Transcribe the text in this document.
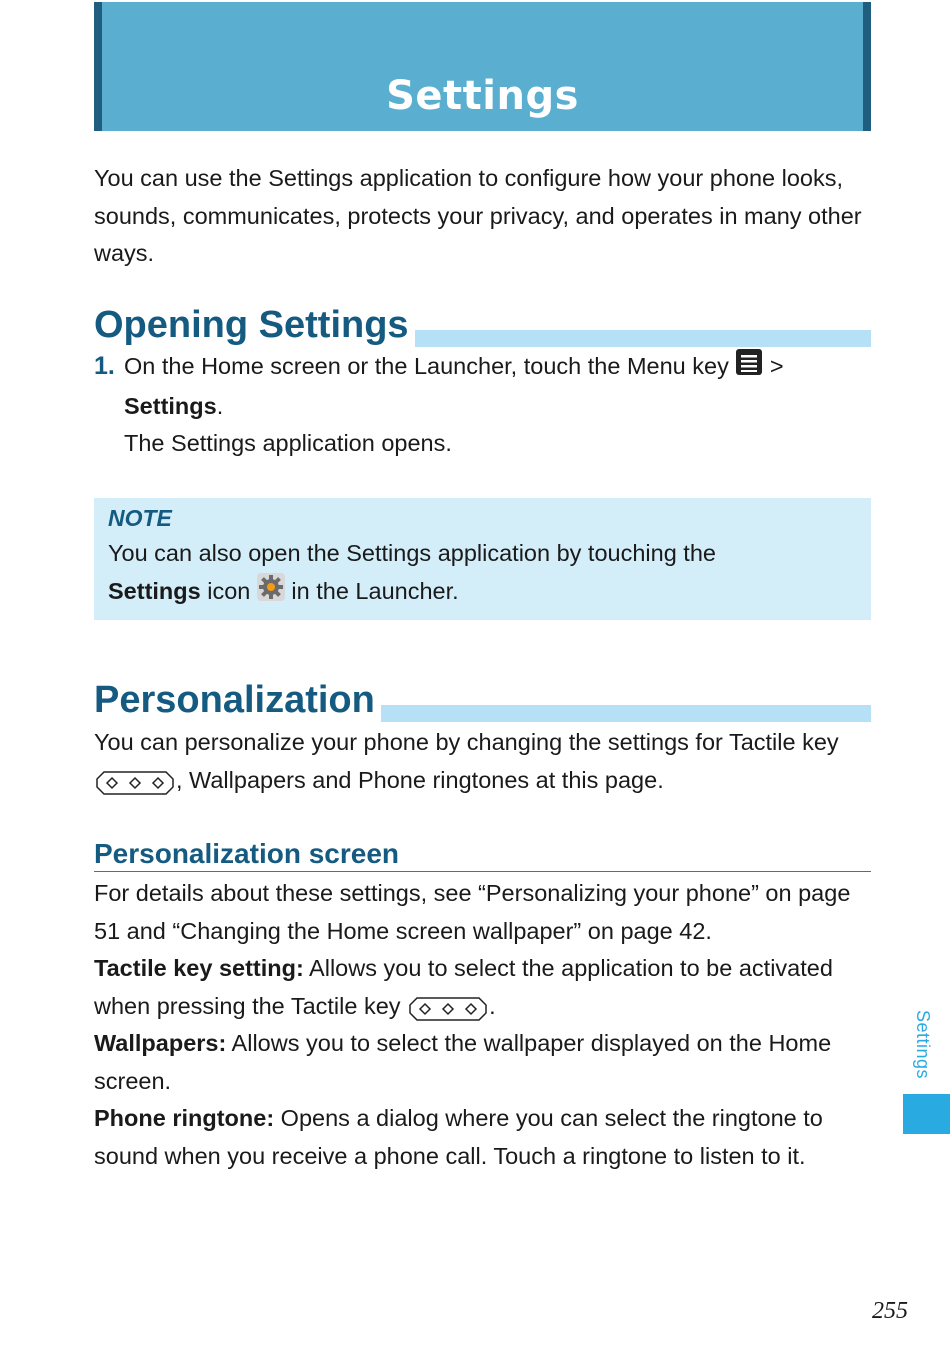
Settings

You can use the Settings application to configure how your phone looks, sounds, communicates, protects your privacy, and operates in many other ways.

Opening Settings
1. On the Home screen or the Launcher, touch the Menu key >
Settings.
The Settings application opens.

NOTE

You can also open the Settings application by touching the
Settings icon  in the Launcher.

Personalization

You can personalize your phone by changing the settings for Tactile key , Wallpapers and Phone ringtones at this page.

Personalization screen

For details about these settings, see “Personalizing your phone” on page 51 and “Changing the Home screen wallpaper” on page 42.
Tactile key setting: Allows you to select the application to be activated when pressing the Tactile key	.
Wallpapers: Allows you to select the wallpaper displayed on the Home screen.
Phone ringtone: Opens a dialog where you can select the ringtone to sound when you receive a phone call. Touch a ringtone to listen to it.

Settings
255
